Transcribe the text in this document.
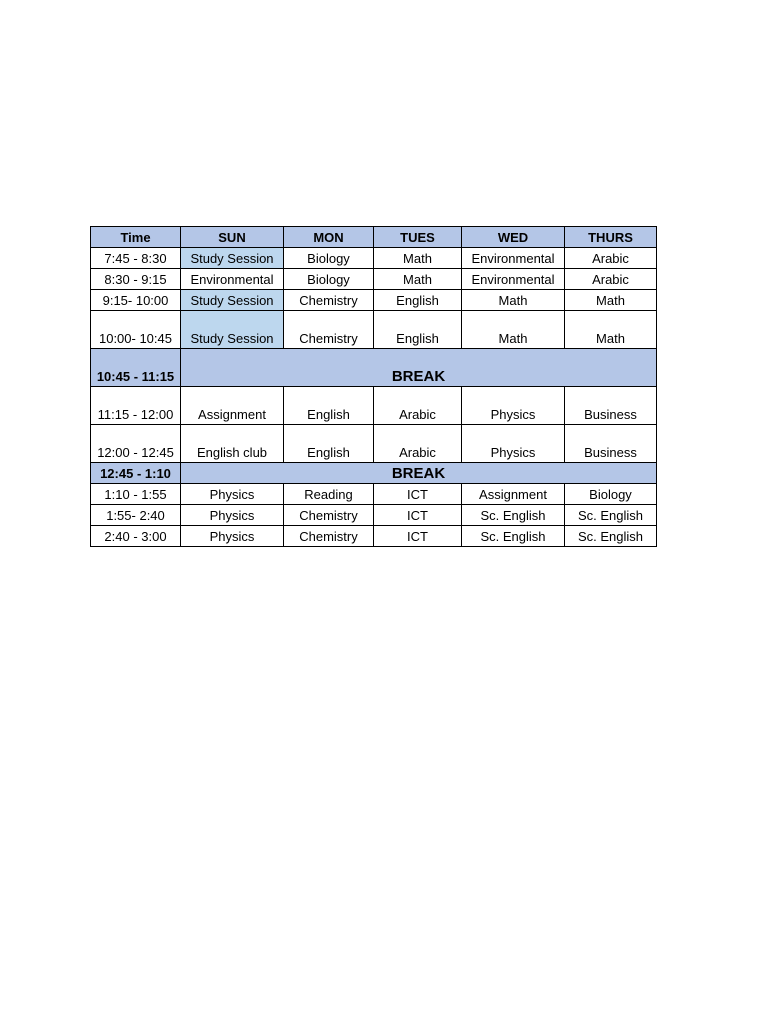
Time	SUN	MON	TUES	WED	THURS
7:45 - 8:30	Study Session	Biology	Math	Environmental	Arabic
8:30 - 9:15	Environmental	Biology	Math	Environmental	Arabic
9:15- 10:00	Study Session	Chemistry	English	Math	Math
10:00- 10:45	Study Session	Chemistry	English	Math	Math
10:45 - 11:15	BREAK				
11:15 - 12:00	Assignment	English	Arabic	Physics	Business
12:00 - 12:45	English club	English	Arabic	Physics	Business
12:45 - 1:10	BREAK				
1:10 - 1:55	Physics	Reading	ICT	Assignment	Biology
1:55- 2:40	Physics	Chemistry	ICT	Sc. English	Sc. English
2:40 - 3:00	Physics	Chemistry	ICT	Sc. English	Sc. English
